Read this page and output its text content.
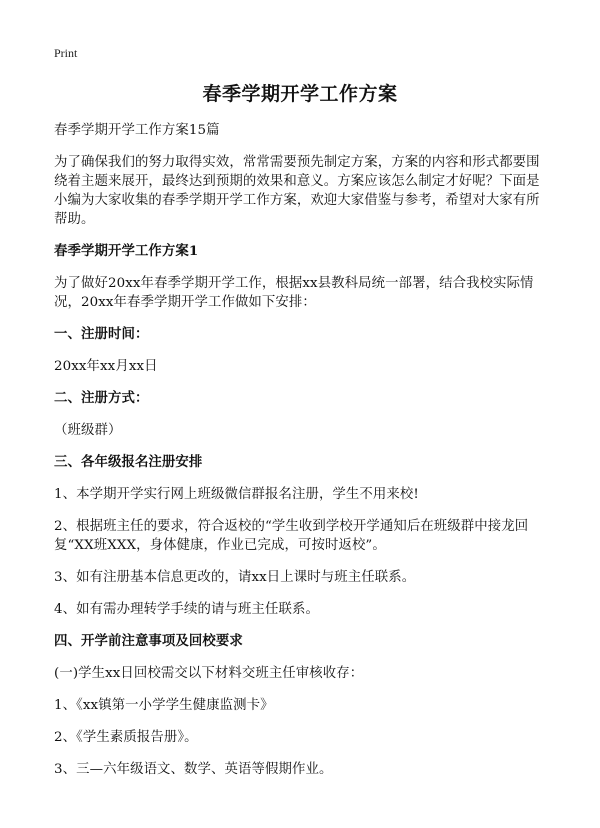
Print
春季学期开学工作方案

春季学期开学工作方案15篇

为了确保我们的努力取得实效，常常需要预先制定方案，方案的内容和形式都要围绕着主题来展开，最终达到预期的效果和意义。方案应该怎么制定才好呢？下面是小编为大家收集的春季学期开学工作方案，欢迎大家借鉴与参考，希望对大家有所帮助。

春季学期开学工作方案1

为了做好20xx年春季学期开学工作，根据xx县教科局统一部署，结合我校实际情况，20xx年春季学期开学工作做如下安排：

一、注册时间：

20xx年xx月xx日

二、注册方式：

（班级群）

三、各年级报名注册安排

1、本学期开学实行网上班级微信群报名注册，学生不用来校!

2、根据班主任的要求，符合返校的“学生收到学校开学通知后在班级群中接龙回复“XX班XXX，身体健康，作业已完成，可按时返校”。

3、如有注册基本信息更改的，请xx日上课时与班主任联系。

4、如有需办理转学手续的请与班主任联系。

四、开学前注意事项及回校要求

(一)学生xx日回校需交以下材料交班主任审核收存：

1、《xx镇第一小学学生健康监测卡》

2、《学生素质报告册》。

3、三—六年级语文、数学、英语等假期作业。
